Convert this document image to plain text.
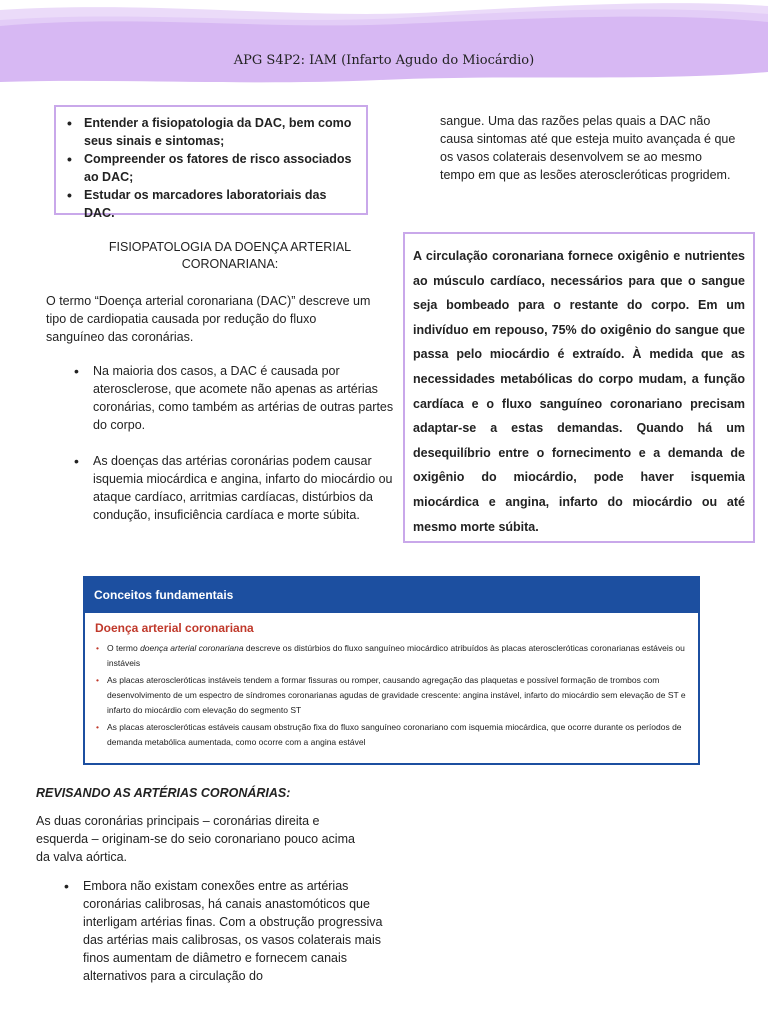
APG S4P2: IAM (Infarto Agudo do Miocárdio)
• Entender a fisiopatologia da DAC, bem como seus sinais e sintomas;
• Compreender os fatores de risco associados ao DAC;
• Estudar os marcadores laboratoriais das DAC.
sangue. Uma das razões pelas quais a DAC não causa sintomas até que esteja muito avançada é que os vasos colaterais desenvolvem se ao mesmo tempo em que as lesões ateroscleróticas progridem.
FISIOPATOLOGIA DA DOENÇA ARTERIAL CORONARIANA:
O termo “Doença arterial coronariana (DAC)” descreve um tipo de cardiopatia causada por redução do fluxo sanguíneo das coronárias.
• Na maioria dos casos, a DAC é causada por aterosclerose, que acomete não apenas as artérias coronárias, como também as artérias de outras partes do corpo.
• As doenças das artérias coronárias podem causar isquemia miocárdica e angina, infarto do miocárdio ou ataque cardíaco, arritmias cardíacas, distúrbios da condução, insuficiência cardíaca e morte súbita.

A circulação coronariana fornece oxigênio e nutrientes ao músculo cardíaco, necessários para que o sangue seja bombeado para o restante do corpo. Em um indivíduo em repouso, 75% do oxigênio do sangue que passa pelo miocárdio é extraído. À medida que as necessidades metabólicas do corpo mudam, a função cardíaca e o fluxo sanguíneo coronariano precisam adaptar-se a estas demandas. Quando há um desequilíbrio entre o fornecimento e a demanda de oxigênio do miocárdio, pode haver isquemia miocárdica e angina, infarto do miocárdio ou até mesmo morte súbita.

Conceitos fundamentais
Doença arterial coronariana
• O termo doença arterial coronariana descreve os distúrbios do fluxo sanguíneo miocárdico atribuídos às placas ateroscleróticas coronarianas estáveis ou instáveis
• As placas ateroscleróticas instáveis tendem a formar fissuras ou romper, causando agregação das plaquetas e possível formação de trombos com desenvolvimento de um espectro de síndromes coronarianas agudas de gravidade crescente: angina instável, infarto do miocárdio sem elevação de ST e infarto do miocárdio com elevação do segmento ST
• As placas ateroscleróticas estáveis causam obstrução fixa do fluxo sanguíneo coronariano com isquemia miocárdica, que ocorre durante os períodos de demanda metabólica aumentada, como ocorre com a angina estável
REVISANDO AS ARTÉRIAS CORONÁRIAS:
As duas coronárias principais – coronárias direita e esquerda – originam-se do seio coronariano pouco acima da valva aórtica.
• Embora não existam conexões entre as artérias coronárias calibrosas, há canais anastomóticos que interligam artérias finas. Com a obstrução progressiva das artérias mais calibrosas, os vasos colaterais mais finos aumentam de diâmetro e fornecem canais alternativos para a circulação do
